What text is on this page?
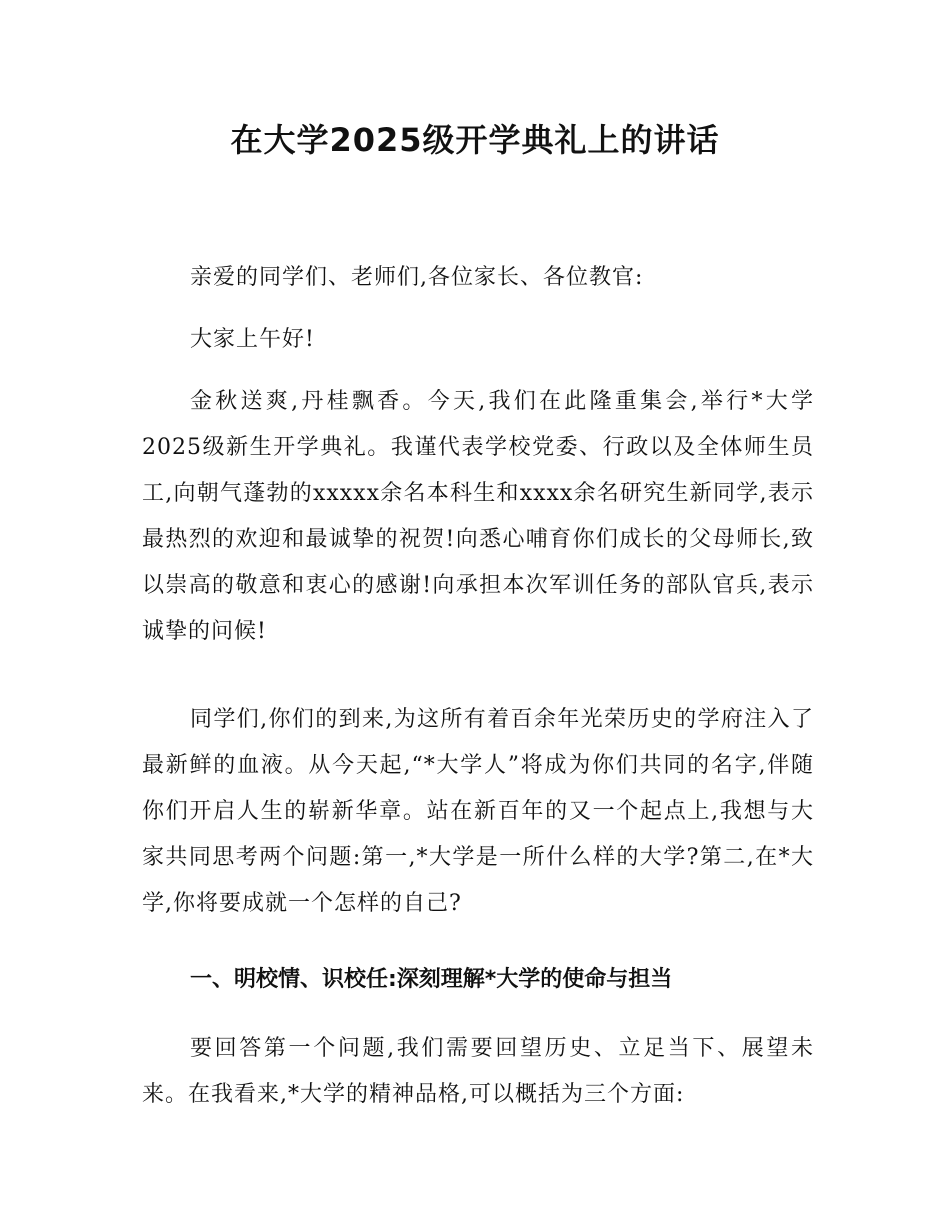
在大学2025级开学典礼上的讲话

亲爱的同学们、老师们,各位家长、各位教官:

大家上午好!

金秋送爽,丹桂飘香。今天,我们在此隆重集会,举行*大学2025级新生开学典礼。我谨代表学校党委、行政以及全体师生员工,向朝气蓬勃的xxxxx余名本科生和xxxx余名研究生新同学,表示最热烈的欢迎和最诚挚的祝贺!向悉心哺育你们成长的父母师长,致以崇高的敬意和衷心的感谢!向承担本次军训任务的部队官兵,表示诚挚的问候!

同学们,你们的到来,为这所有着百余年光荣历史的学府注入了最新鲜的血液。从今天起,“*大学人”将成为你们共同的名字,伴随你们开启人生的崭新华章。站在新百年的又一个起点上,我想与大家共同思考两个问题:第一,*大学是一所什么样的大学?第二,在*大学,你将要成就一个怎样的自己?

一、明校情、识校任:深刻理解*大学的使命与担当

要回答第一个问题,我们需要回望历史、立足当下、展望未来。在我看来,*大学的精神品格,可以概括为三个方面:
